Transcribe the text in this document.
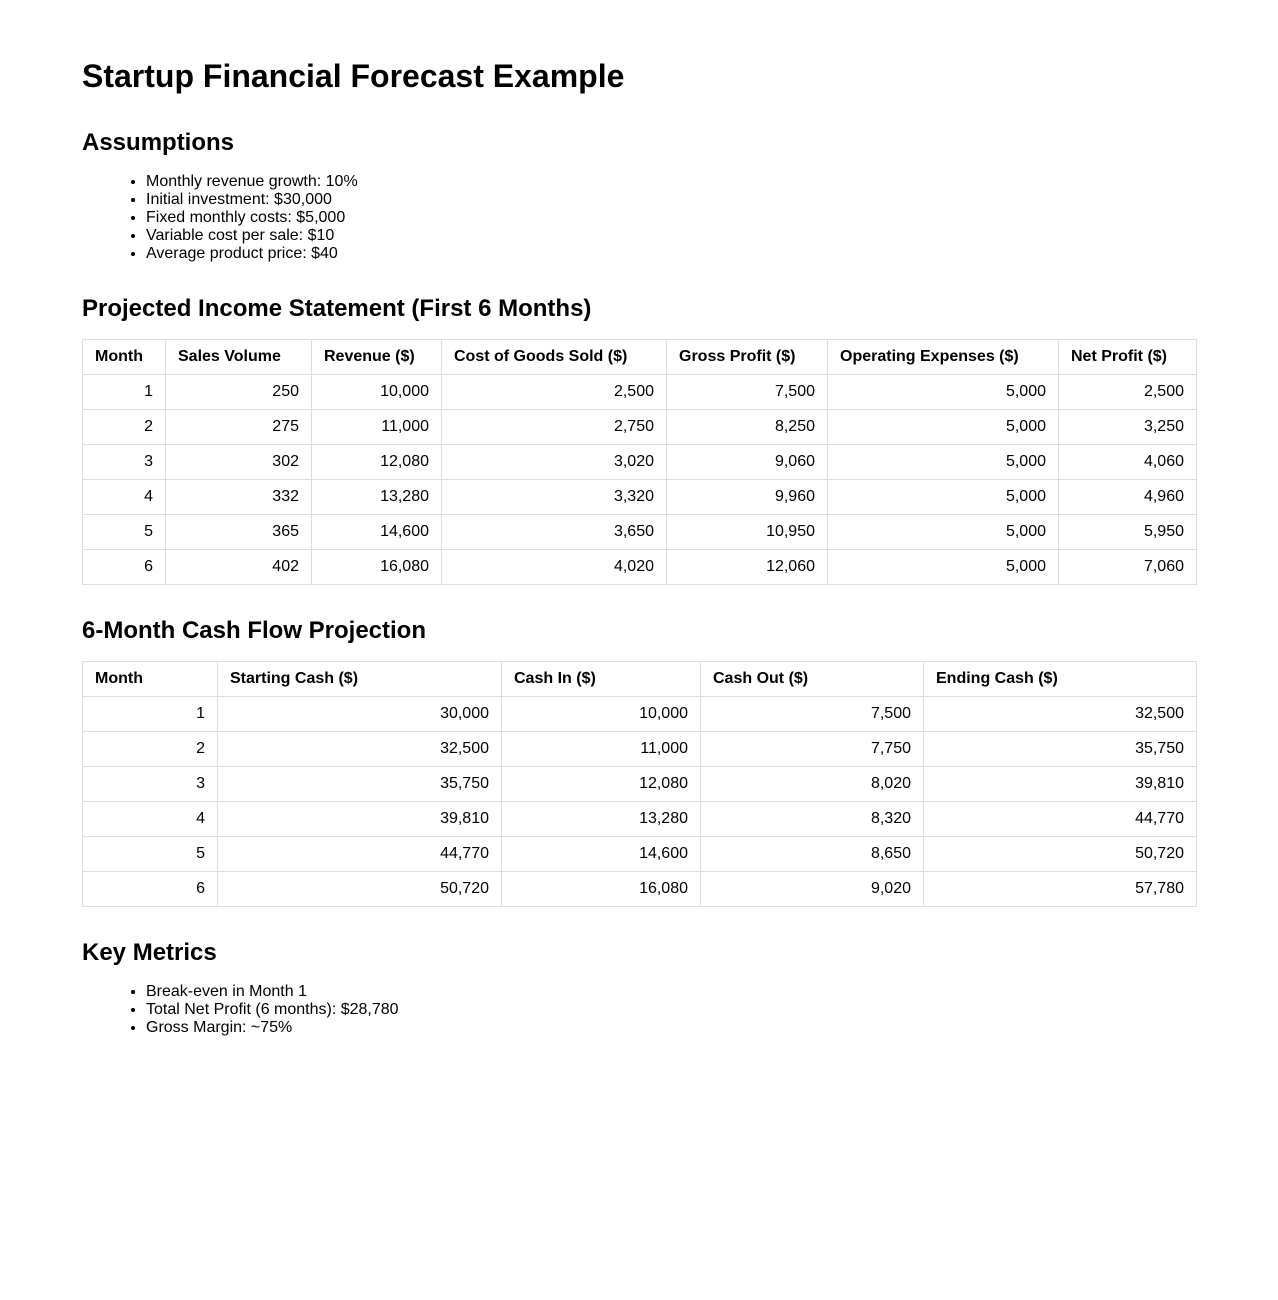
Startup Financial Forecast Example
Assumptions
• Monthly revenue growth: 10%
• Initial investment: $30,000
• Fixed monthly costs: $5,000
• Variable cost per sale: $10
• Average product price: $40
Projected Income Statement (First 6 Months)
Month	Sales Volume	Revenue ($)	Cost of Goods Sold ($)	Gross Profit ($)	Operating Expenses ($)	Net Profit ($)
1	250	10,000	2,500	7,500	5,000	2,500
2	275	11,000	2,750	8,250	5,000	3,250
3	302	12,080	3,020	9,060	5,000	4,060
4	332	13,280	3,320	9,960	5,000	4,960
5	365	14,600	3,650	10,950	5,000	5,950
6	402	16,080	4,020	12,060	5,000	7,060
6-Month Cash Flow Projection
Month	Starting Cash ($)	Cash In ($)	Cash Out ($)	Ending Cash ($)
1	30,000	10,000	7,500	32,500
2	32,500	11,000	7,750	35,750
3	35,750	12,080	8,020	39,810
4	39,810	13,280	8,320	44,770
5	44,770	14,600	8,650	50,720
6	50,720	16,080	9,020	57,780
Key Metrics
• Break-even in Month 1
• Total Net Profit (6 months): $28,780
• Gross Margin: ~75%
